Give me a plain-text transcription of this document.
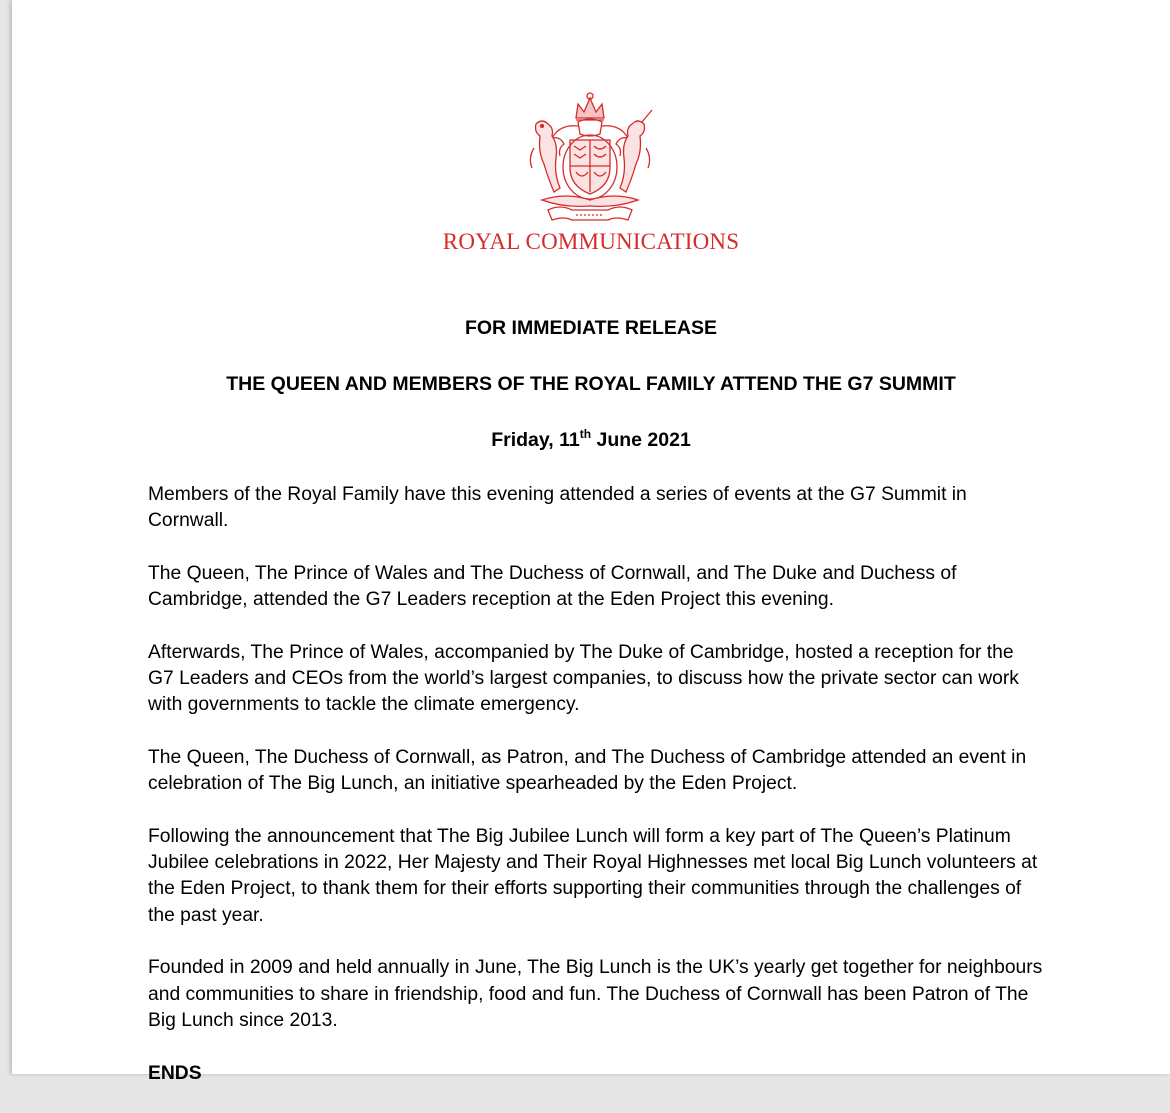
ROYAL COMMUNICATIONS
FOR IMMEDIATE RELEASE
THE QUEEN AND MEMBERS OF THE ROYAL FAMILY ATTEND THE G7 SUMMIT
Friday, 11th June 2021

Members of the Royal Family have this evening attended a series of events at the G7 Summit in Cornwall.

The Queen, The Prince of Wales and The Duchess of Cornwall, and The Duke and Duchess of Cambridge, attended the G7 Leaders reception at the Eden Project this evening.

Afterwards, The Prince of Wales, accompanied by The Duke of Cambridge, hosted a reception for the G7 Leaders and CEOs from the world’s largest companies, to discuss how the private sector can work with governments to tackle the climate emergency.

The Queen, The Duchess of Cornwall, as Patron, and The Duchess of Cambridge attended an event in celebration of The Big Lunch, an initiative spearheaded by the Eden Project.

Following the announcement that The Big Jubilee Lunch will form a key part of The Queen’s Platinum Jubilee celebrations in 2022, Her Majesty and Their Royal Highnesses met local Big Lunch volunteers at the Eden Project, to thank them for their efforts supporting their communities through the challenges of the past year.

Founded in 2009 and held annually in June, The Big Lunch is the UK’s yearly get together for neighbours and communities to share in friendship, food and fun. The Duchess of Cornwall has been Patron of The Big Lunch since 2013.

ENDS
